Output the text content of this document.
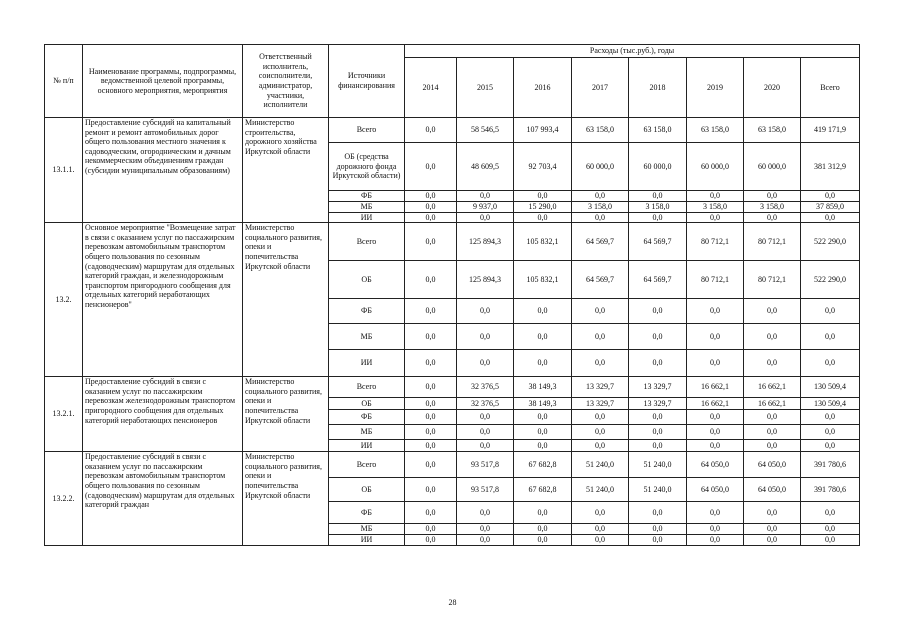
№ п/п	Наименование программы, подпрограммы, ведомственной целевой программы, основного мероприятия, мероприятия	Ответственный исполнитель, соисполнители, администратор, участники, исполнители	Источники финансирования	Расходы (тыс.руб.), годы							
				2014	2015	2016	2017	2018	2019	2020	Всего
13.1.1.	Предоставление субсидий на капитальный ремонт и ремонт автомобильных дорог общего пользования местного значения к садоводческим, огородническим и дачным некоммерческим объединениям граждан (субсидии муниципальным образованиям)	Министерство строительства, дорожного хозяйства Иркутской области	Всего	0,0	58 546,5	107 993,4	63 158,0	63 158,0	63 158,0	63 158,0	419 171,9
			ОБ (средства дорожного фонда Иркутской области)	0,0	48 609,5	92 703,4	60 000,0	60 000,0	60 000,0	60 000,0	381 312,9
			ФБ	0,0	0,0	0,0	0,0	0,0	0,0	0,0	0,0
			МБ	0,0	9 937,0	15 290,0	3 158,0	3 158,0	3 158,0	3 158,0	37 859,0
			ИИ	0,0	0,0	0,0	0,0	0,0	0,0	0,0	0,0
13.2.	Основное мероприятие "Возмещение затрат в связи с оказанием услуг по пассажирским перевозкам автомобильным транспортом общего пользования по сезонным (садоводческим) маршрутам для отдельных категорий граждан, и железнодорожным транспортом пригородного сообщения для отдельных категорий неработающих пенсионеров"	Министерство социального развития, опеки и попечительства Иркутской области	Всего	0,0	125 894,3	105 832,1	64 569,7	64 569,7	80 712,1	80 712,1	522 290,0
			ОБ	0,0	125 894,3	105 832,1	64 569,7	64 569,7	80 712,1	80 712,1	522 290,0
			ФБ	0,0	0,0	0,0	0,0	0,0	0,0	0,0	0,0
			МБ	0,0	0,0	0,0	0,0	0,0	0,0	0,0	0,0
			ИИ	0,0	0,0	0,0	0,0	0,0	0,0	0,0	0,0
13.2.1.	Предоставление субсидий в связи с оказанием услуг по пассажирским перевозкам железнодорожным транспортом пригородного сообщения для отдельных категорий неработающих пенсионеров	Министерство социального развития, опеки и попечительства Иркутской области	Всего	0,0	32 376,5	38 149,3	13 329,7	13 329,7	16 662,1	16 662,1	130 509,4
			ОБ	0,0	32 376,5	38 149,3	13 329,7	13 329,7	16 662,1	16 662,1	130 509,4
			ФБ	0,0	0,0	0,0	0,0	0,0	0,0	0,0	0,0
			МБ	0,0	0,0	0,0	0,0	0,0	0,0	0,0	0,0
			ИИ	0,0	0,0	0,0	0,0	0,0	0,0	0,0	0,0
13.2.2.	Предоставление субсидий в связи с оказанием услуг по пассажирским перевозкам автомобильным транспортом общего пользования по сезонным (садоводческим) маршрутам для отдельных категорий граждан	Министерство социального развития, опеки и попечительства Иркутской области	Всего	0,0	93 517,8	67 682,8	51 240,0	51 240,0	64 050,0	64 050,0	391 780,6
			ОБ	0,0	93 517,8	67 682,8	51 240,0	51 240,0	64 050,0	64 050,0	391 780,6
			ФБ	0,0	0,0	0,0	0,0	0,0	0,0	0,0	0,0
			МБ	0,0	0,0	0,0	0,0	0,0	0,0	0,0	0,0
			ИИ	0,0	0,0	0,0	0,0	0,0	0,0	0,0	0,0
28
